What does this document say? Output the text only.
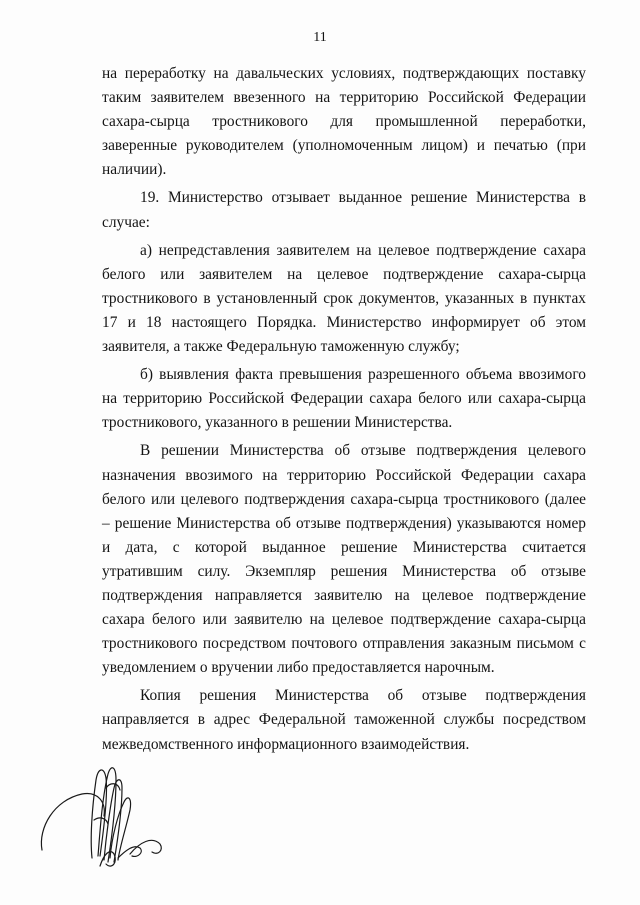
11

на переработку на давальческих условиях, подтверждающих поставку таким заявителем ввезенного на территорию Российской Федерации сахара-сырца тростникового для промышленной переработки, заверенные руководителем (уполномоченным лицом) и печатью (при наличии).

19. Министерство отзывает выданное решение Министерства в случае:

а) непредставления заявителем на целевое подтверждение сахара белого или заявителем на целевое подтверждение сахара-сырца тростникового в установленный срок документов, указанных в пунктах 17 и 18 настоящего Порядка. Министерство информирует об этом заявителя, а также Федеральную таможенную службу;

б) выявления факта превышения разрешенного объема ввозимого на территорию Российской Федерации сахара белого или сахара-сырца тростникового, указанного в решении Министерства.

В решении Министерства об отзыве подтверждения целевого назначения ввозимого на территорию Российской Федерации сахара белого или целевого подтверждения сахара-сырца тростникового (далее – решение Министерства об отзыве подтверждения) указываются номер и дата, с которой выданное решение Министерства считается утратившим силу. Экземпляр решения Министерства об отзыве подтверждения направляется заявителю на целевое подтверждение сахара белого или заявителю на целевое подтверждение сахара-сырца тростникового посредством почтового отправления заказным письмом с уведомлением о вручении либо предоставляется нарочным.

Копия решения Министерства об отзыве подтверждения направляется в адрес Федеральной таможенной службы посредством межведомственного информационного взаимодействия.
